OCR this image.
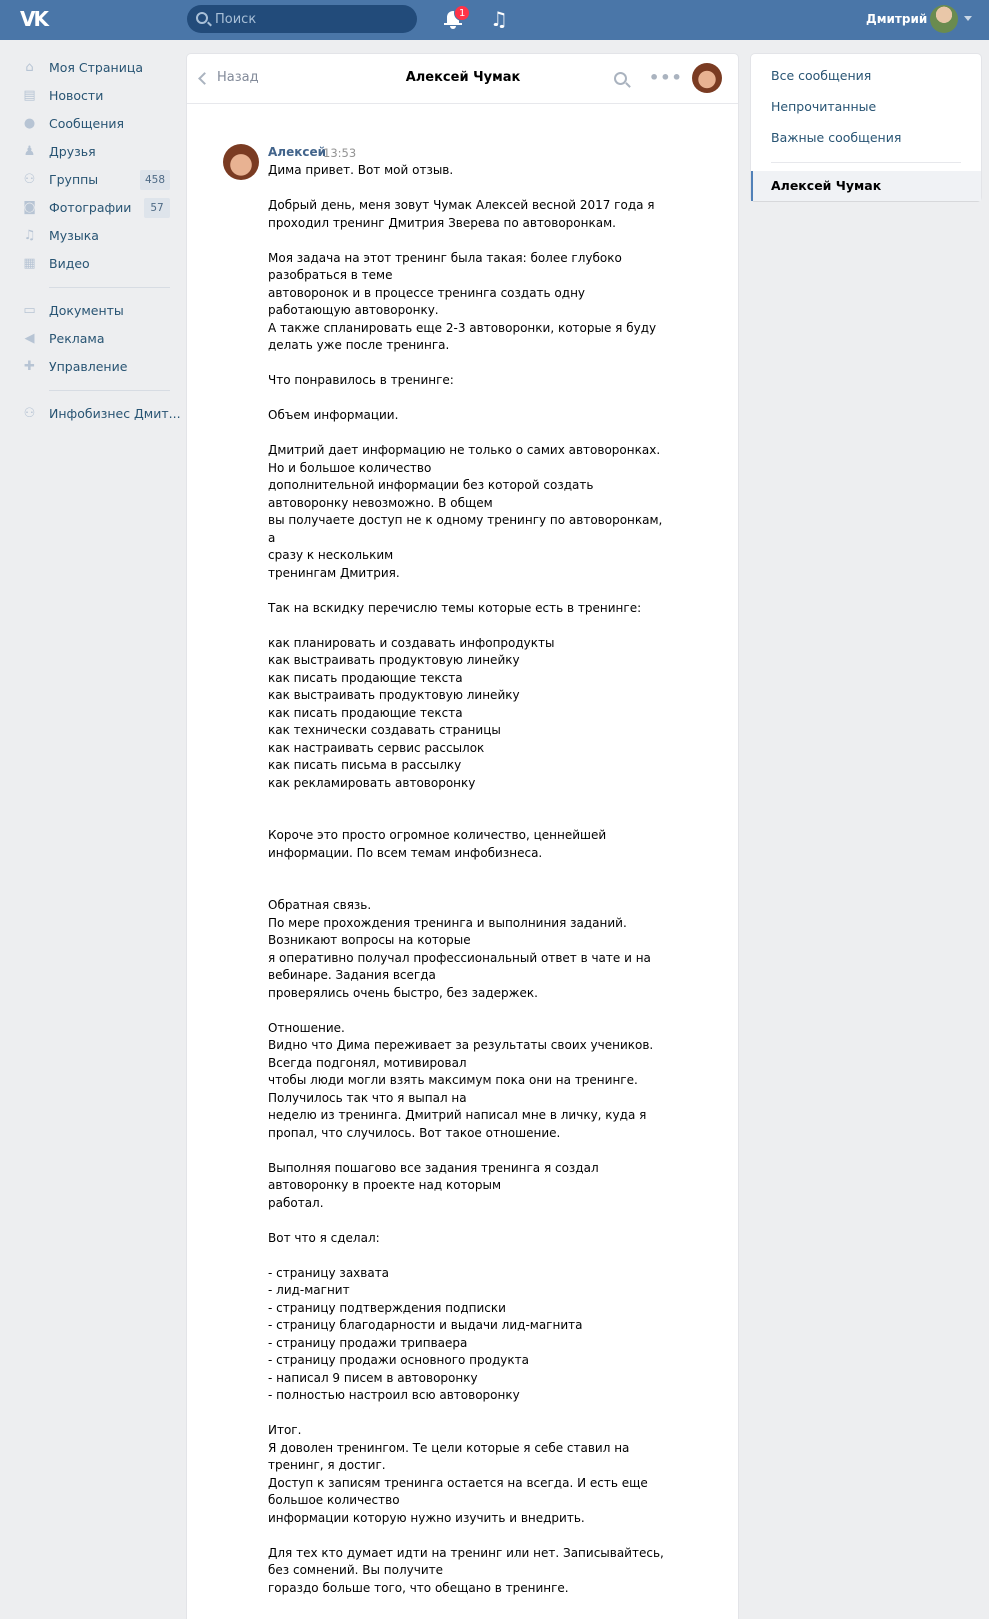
VK
Поиск	1 ♫	Дмитрий
⌂ Моя Страница
▤ Новости
● Сообщения
♟ Друзья
⚇ Группы	458
◙ Фотографии	57
♫ Музыка
▦ Видео
▭ Документы
◀ Реклама
✚ Управление
⚇ Инфобизнес Дмит...
Назад	Алексей Чумак	•••
Алексей
13:53
Дима привет. Вот мой отзыв.

Добрый день, меня зовут Чумак Алексей весной 2017 года я
проходил тренинг Дмитрия Зверева по автоворонкам.

Моя задача на этот тренинг была такая: более глубоко
разобраться в теме
автоворонок и в процессе тренинга создать одну
работающую автоворонку.
А также спланировать еще 2-3 автоворонки, которые я буду
делать уже после тренинга.

Что понравилось в тренинге:

Объем информации.

Дмитрий дает информацию не только о самих автоворонках.
Но и большое количество
дополнительной информации без которой создать
автоворонку невозможно. В общем
вы получаете доступ не к одному тренингу по автоворонкам, а
сразу к нескольким
тренингам Дмитрия.

Так на вскидку перечислю темы которые есть в тренинге:

как планировать и создавать инфопродукты
как выстраивать продуктовую линейку
как писать продающие текста
как выстраивать продуктовую линейку
как писать продающие текста
как технически создавать страницы
как настраивать сервис рассылок
как писать письма в рассылку
как рекламировать автоворонку

Короче это просто огромное количество, ценнейшей
информации. По всем темам инфобизнеса.

Обратная связь.
По мере прохождения тренинга и выполниния заданий.
Возникают вопросы на которые
я оперативно получал профессиональный ответ в чате и на
вебинаре. Задания всегда
проверялись очень быстро, без задержек.

Отношение.
Видно что Дима переживает за результаты своих учеников.
Всегда подгонял, мотивировал
чтобы люди могли взять максимум пока они на тренинге.
Получилось так что я выпал на
неделю из тренинга. Дмитрий написал мне в личку, куда я
пропал, что случилось. Вот такое отношение.

Выполняя пошагово все задания тренинга я создал
автоворонку в проекте над которым
работал.

Вот что я сделал:

- страницу захвата
- лид-магнит
- страницу подтверждения подписки
- страницу благодарности и выдачи лид-магнита
- страницу продажи трипваера
- страницу продажи основного продукта
- написал 9 писем в автоворонку
- полностью настроил всю автоворонку

Итог.
Я доволен тренингом. Те цели которые я себе ставил на
тренинг, я достиг.
Доступ к записям тренинга остается на всегда. И есть еще
большое количество
информации которую нужно изучить и внедрить.

Для тех кто думает идти на тренинг или нет. Записывайтесь,
без сомнений. Вы получите
гораздо больше того, что обещано в тренинге.
Все сообщения
Непрочитанные
Важные сообщения
Алексей Чумак
